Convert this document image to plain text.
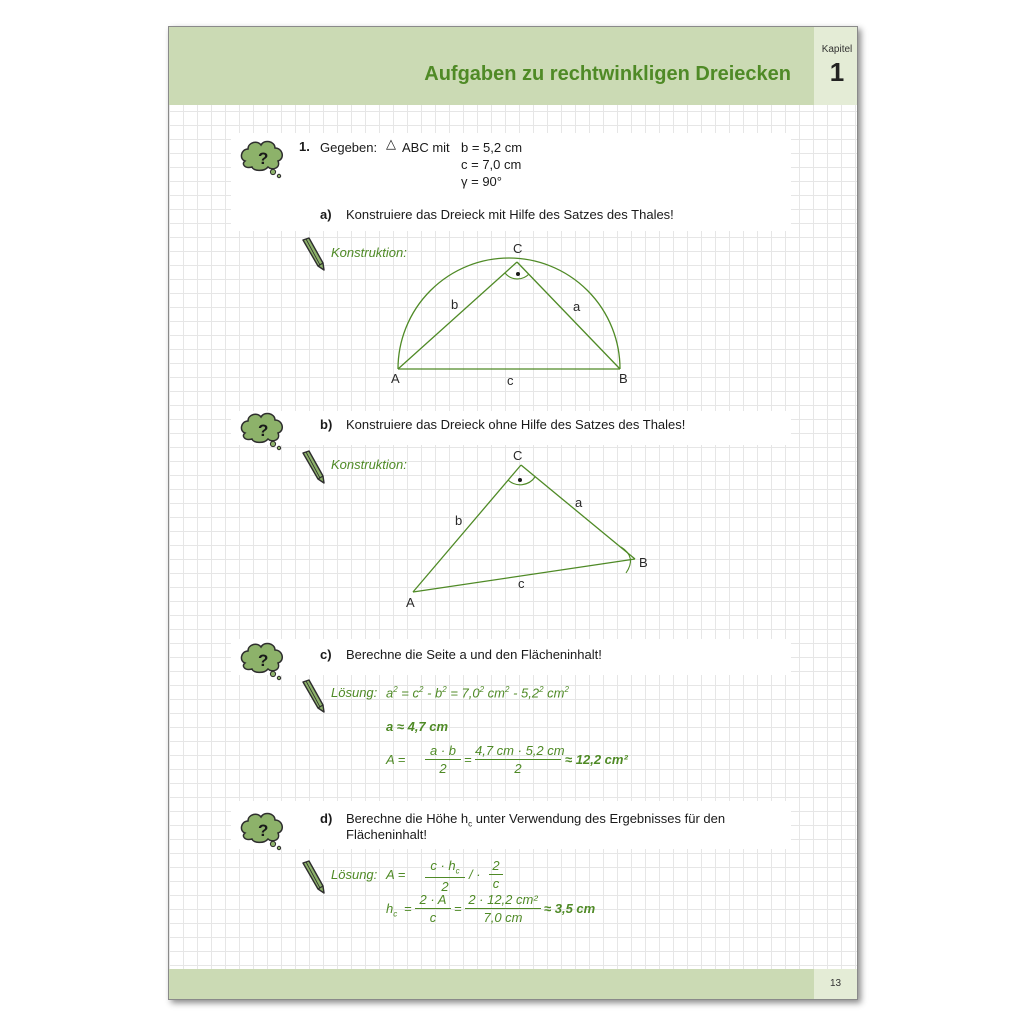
Aufgaben zu rechtwinkligen Dreiecken
Kapitel
1
?
?
?
?
1. Gegeben: △ ABC mit b = 5,2 cm
c = 7,0 cm
γ = 90°
a) Konstruiere das Dreieck mit Hilfe des Satzes des Thales!
Konstruktion:
A	B
C
a
b
c
b) Konstruiere das Dreieck ohne Hilfe des Satzes des Thales!
Konstruktion:
A
B
C
a
b
c
c) Berechne die Seite a und den Flächeninhalt!
Lösung: $a^2 = c^2 - b^2 = 7,0^2$ $cm^2 - 5,2^2$ $cm^2$
a ≈ 4,7 cm
A =
a · b
2
=
4,7 cm · 5,2 cm
2
≈ 12,2 cm²
d) Berechne die Höhe $h_c$ unter Verwendung des Ergebnisses für den
Flächeninhalt!
Lösung: A =
$c \cdot h_c$
2
/ ·
2
c
$h_c$ =
2 · A
c
=
2 · 12,2 cm²
7,0 cm
≈ 3,5 cm
13
